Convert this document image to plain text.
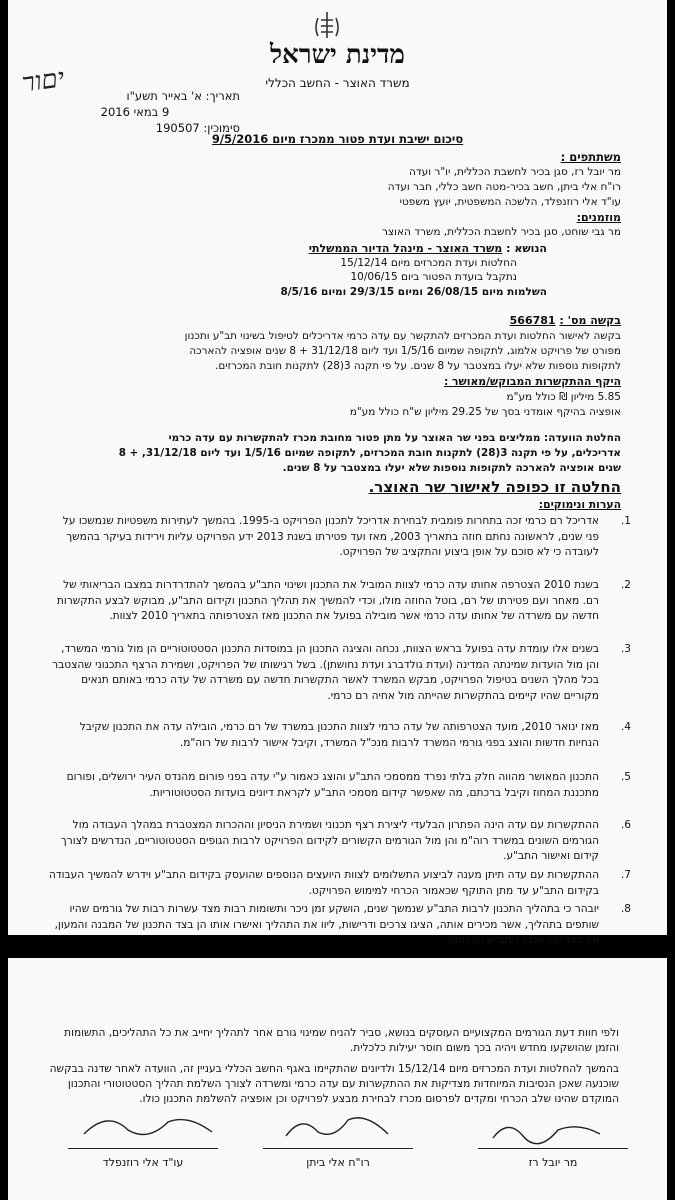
יםור
מדינת ישראל
משרד האוצר - החשב הכללי
תאריך: א' באייר תשע"ו
9 במאי 2016
סימוכין: 190507
סיכום ישיבת ועדת פטור ממכרז מיום 9/5/2016
משתתפים :
מר יובל רז, סגן בכיר לחשבת הכללית, יו"ר ועדה
רו"ח אלי ביתן, חשב בכיר-מטה חשב כללי, חבר ועדה
עו"ד אלי רוזנפלד, הלשכה המשפטית, יועץ משפטי
מוזמנים:
מר גבי שוחט, סגן בכיר לחשבת הכללית, משרד האוצר
הנושא : משרד האוצר - מינהל הדיור הממשלתי
החלטות ועדת המכרזים מיום 15/12/14
נתקבל בועדת הפטור ביום 10/06/15
השלמות מיום 26/08/15 ומיום 29/3/15 ומיום 8/5/16
בקשה מס' : 566781
בקשה לאישור החלטות ועדת המכרזים להתקשר עם עדה כרמי אדריכלים לטיפול בשינוי תב"ע ותכנון
מפורט של פרויקט אלמוג, לתקופה שמיום 1/5/16 ועד ליום 31/12/18 + 8 שנים אופציה להארכה
לתקופות נוספות שלא יעלו במצטבר על 8 שנים. על פי תקנה 3(28) לתקנות חובת המכרזים.
היקף ההתקשרות המבוקש/מאושר :
5.85 מיליון ₪ כולל מע"מ
אופציה בהיקף אומדני בסך של 29.25 מיליון ש"ח כולל מע"מ
החלטת הוועדה: ממליצים בפני שר האוצר על מתן פטור מחובת מכרז להתקשרות עם עדה כרמי
אדריכלים, על פי תקנה 3(28) לתקנות חובת המכרזים, לתקופה שמיום 1/5/16 ועד ליום 31/12/18, + 8
שנים אופציה להארכה לתקופות נוספות שלא יעלו במצטבר על 8 שנים.
החלטה זו כפופה לאישור שר האוצר.
הערות ונימוקים:
1.
אדריכל רם כרמי זכה בתחרות פומבית לבחירת אדריכל לתכנון הפרויקט ב-1995. בהמשך לעתירות משפטיות שנמשכו על פני שנים, לראשונה נחתם חוזה בתאריך 2003, מאז ועד פטירתו בשנת 2013 ידע הפרויקט עליות וירידות בעיקר בהמשך לעובדה כי לא סוכם על אופן ביצוע והתקציב של הפרויקט.
2.
בשנת 2010 הצטרפה אחותו עדה כרמי לצוות המוביל את התכנון ושינוי התב"ע בהמשך להתדרדרות במצבו הבריאותי של רם. מאחר ועם פטירתו של רם, בוטל החוזה מולו, וכדי להמשיך את תהליך התכנון וקידום התב"ע, מבוקש לבצע התקשרות חדשה עם משרדה של אחותו עדה כרמי אשר מובילה בפועל את התכנון מאז הצטרפותה בתאריך 2010 לצוות.
3.
בשנים אלו עומדת עדה בפועל בראש הצוות, נכחה והציגה התכנון הן במוסדות התכנון הסטטוטוריים הן מול גורמי המשרד, והן מול הועדות שמינתה המדינה (ועדת גולדברג ועדת נחושתן). בשל רגישותו של הפרויקט, ושמירת הרצף התכנוני שהצטבר בכל מהלך השנים בטיפול הפרויקט, מבקש המשרד לאשר התקשרות חדשה עם משרדה של עדה כרמי באותם תנאים מקוריים שהיו קיימים בהתקשרות שהייתה מול אחיה רם כרמי.
4.
מאז ינואר 2010, מועד הצטרפותה של עדה כרמי לצוות התכנון במשרד של רם כרמי, הובילה עדה את התכנון שקיבל הנחיות חדשות והוצג בפני גורמי המשרד לרבות מנכ"ל המשרד, וקיבל אישור לרבות של רוה"מ.
5.
התכנון המאושר מהווה חלק בלתי נפרד ממסמכי התב"ע והוצג כאמור ע"י עדה בפני פורום מהנדס העיר ירושלים, ופורום מתכננת המחוז וקיבל ברכתם, מה שאפשר קידום מסמכי התב"ע לקראת דיונים בועדות הסטטוטוריות.
6.
ההתקשרות עם עדה הינה הפתרון הבלעדי ליצירת רצף תכנוני ושמירת הניסיון וההכרות המצטברת במהלך העבודה מול הגורמים השונים במשרד רוה"מ והן מול הגורמים הקשורים לקידום הפרויקט לרבות הגופים הסטטוטוריים, הנדרשים לצורך קידום ואישור התב"ע.
7.
ההתקשרות עם עדה תיתן מענה לביצוע התשלומים לצוות היועצים הנוספים שהועסק בקידום התב"ע וידרש להמשיך העבודה בקידום התב"ע עד מתן התוקף שכאמור הכרחי למימוש הפרויקט.
8.
יובהר כי בתהליך התכנון לרבות התב"ע שנמשך שנים, הושקע זמן ניכר ותשומות רבות מצד עשרות רבות של גורמים שהיו שותפים בתהליך, אשר מכירים אותה, הציגו צרכים ודרישות, ליוו את התהליך ואישרו אותו הן בצד התכנון של המבנה והמעון, והן בצד של תכנון התב"ע וקידומה,
ולפי חוות דעת הגורמים המקצועיים העוסקים בנושא, סביר להניח שמינוי גורם אחר לתהליך יחייב את כל התהליכים, התשומות והזמן שהושקעו מחדש ויהיה בכך משום חוסר יעילות כלכלית.
בהמשך להחלטות ועדת המכרזים מיום 15/12/14 ולדיונים שהתקיימו באגף החשב הכללי בעניין זה, הוועדה לאחר שדנה בבקשה שוכנעה שאכן הנסיבות המיוחדות מצדיקות את ההתקשרות עם עדה כרמי ומשרדה לצורך השלמת תהליך הסטטוטורי והתכנון המוקדם שהינו שלב הכרחי ומקדים לפרסום מכרז לבחירת מבצע לפרויקט וכן אופציה להשלמת התכנון כולו.
מר יובל רז
רו"ח אלי ביתן
עו"ד אלי רוזנפלד
